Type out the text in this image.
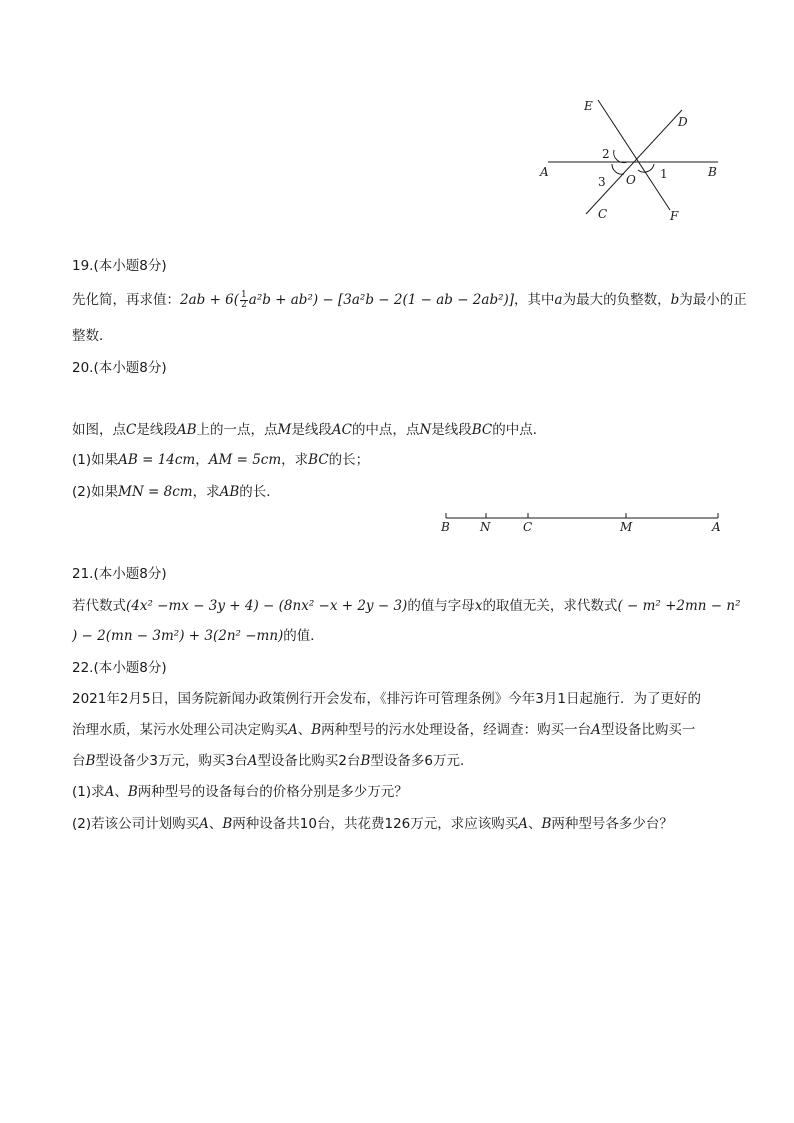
E
D
A	B
C	F
O 1
2
3
19.(本小题8分)
先化简，再求值：$2ab + 6( \frac{1}{2} a^2b + ab^2) - [3a^2b - 2(1$ − ab − 2ab²)]，其中a为最大的负整数，b为最小的正
整数．
20.(本小题8分)
如图，点C是线段AB上的一点，点M是线段AC的中点，点N是线段BC的中点．
(1)如果AB = 14cm，AM = 5cm，求BC的长；
(2)如果MN = 8cm，求AB的长．
B	N	C	M	A
21.(本小题8分)
若代数式(4x² −mx − 3y + 4) − (8nx² −x + 2y − 3)的值与字母x的取值无关，求代数式( − m² +2mn − n²
) − 2(mn − 3m²) + 3(2n² −mn)的值．
22.(本小题8分)
2021年2月5日，国务院新闻办政策例行开会发布，《排污许可管理条例》今年3月1日起施行．为了更好的
治理水质，某污水处理公司决定购买A、B两种型号的污水处理设备，经调查：购买一台A型设备比购买一
台B型设备少3万元，购买3台A型设备比购买2台B型设备多6万元．
(1)求A、B两种型号的设备每台的价格分别是多少万元？
(2)若该公司计划购买A、B两种设备共10台，共花费126万元，求应该购买A、B两种型号各多少台？
